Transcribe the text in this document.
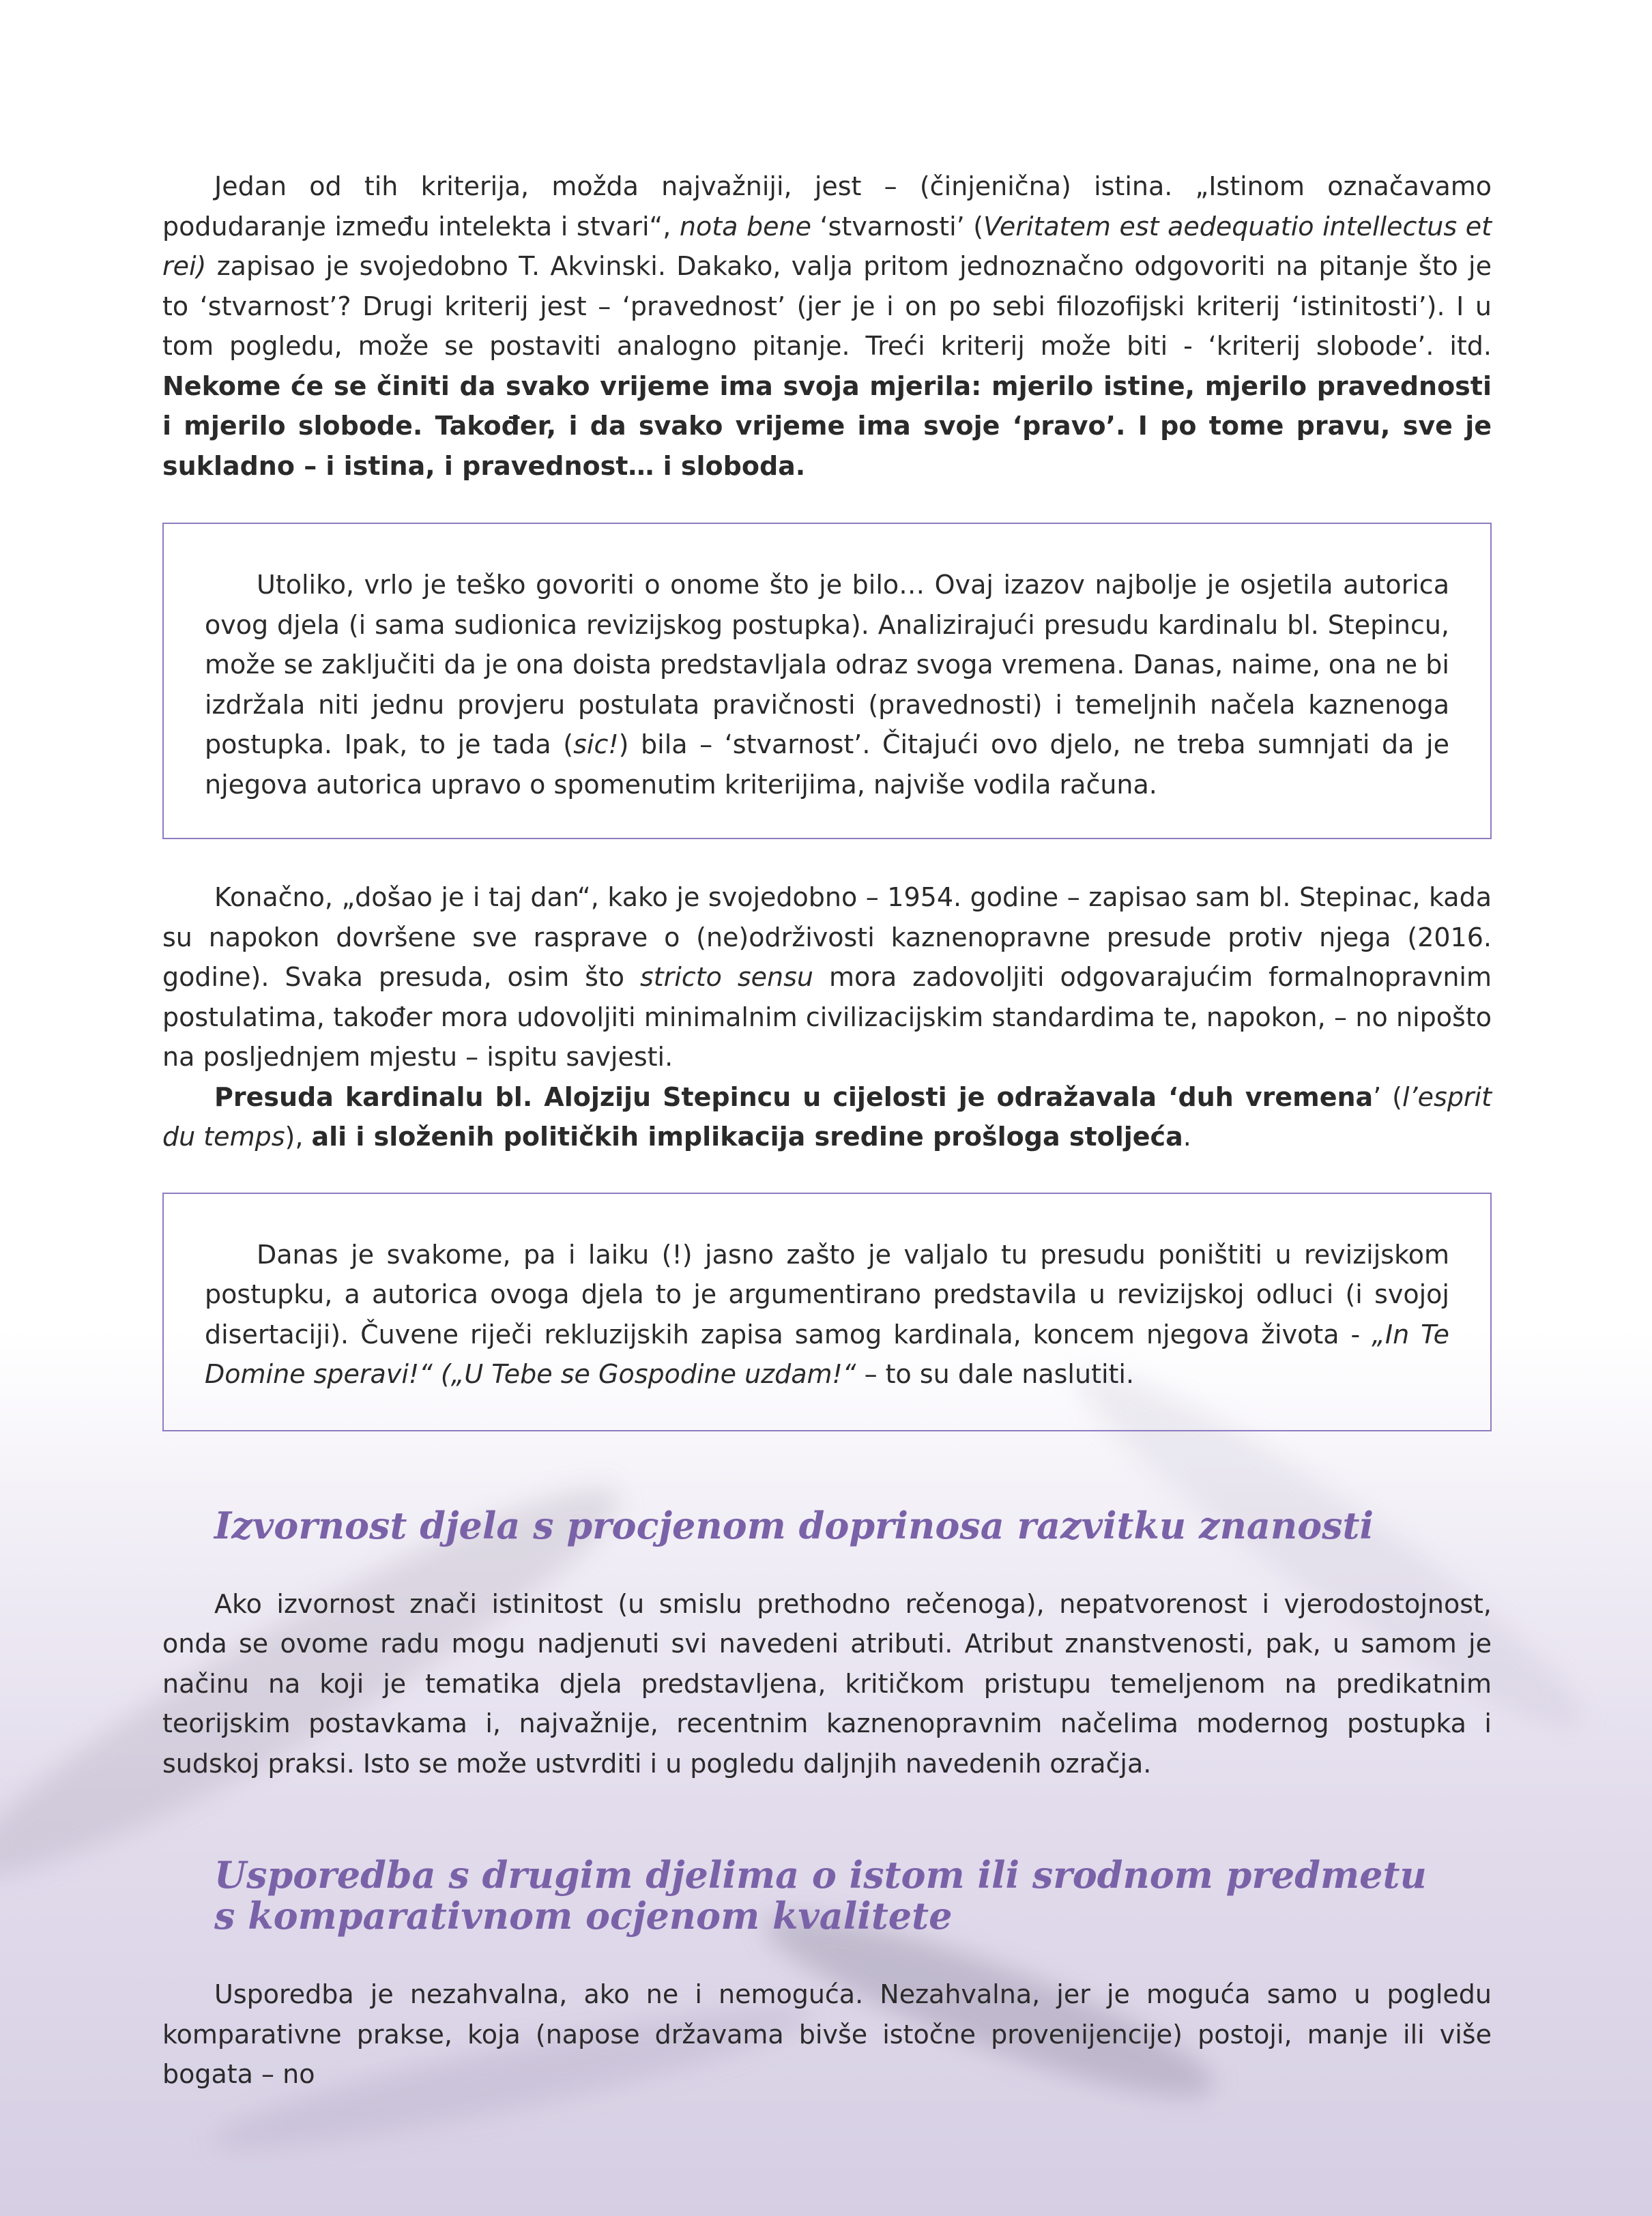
Jedan od tih kriterija, možda najvažniji, jest – (činjenična) istina. „Istinom označavamo podudaranje između intelekta i stvari“, nota bene ‘stvarnosti’ (Veritatem est aedequatio intellectus et rei) zapisao je svojedobno T. Akvinski. Dakako, valja pritom jednoznačno odgovoriti na pitanje što je to ‘stvarnost’? Drugi kriterij jest – ‘pravednost’ (jer je i on po sebi filozofijski kriterij ‘istinitosti’). I u tom pogledu, može se postaviti analogno pitanje. Treći kriterij može biti - ‘kriterij slobode’. itd. Nekome će se činiti da svako vrijeme ima svoja mjerila: mjerilo istine, mjerilo pravednosti i mjerilo slobode. Također, i da svako vrijeme ima svoje ‘pravo’. I po tome pravu, sve je sukladno – i istina, i pravednost… i sloboda.

Utoliko, vrlo je teško govoriti o onome što je bilo… Ovaj izazov najbolje je osjetila autorica ovog djela (i sama sudionica revizijskog postupka). Analizirajući presudu kardinalu bl. Stepincu, može se zaključiti da je ona doista predstavljala odraz svoga vremena. Danas, naime, ona ne bi izdržala niti jednu provjeru postulata pravičnosti (pravednosti) i temeljnih načela kaznenoga postupka. Ipak, to je tada (sic!) bila – ‘stvarnost’. Čitajući ovo djelo, ne treba sumnjati da je njegova autorica upravo o spomenutim kriterijima, najviše vodila računa.

Konačno, „došao je i taj dan“, kako je svojedobno – 1954. godine – zapisao sam bl. Stepinac, kada su napokon dovršene sve rasprave o (ne)održivosti kaznenopravne presude protiv njega (2016. godine). Svaka presuda, osim što stricto sensu mora zadovoljiti odgovarajućim formalnopravnim postulatima, također mora udovoljiti minimalnim civilizacijskim standardima te, napokon, – no nipošto na posljednjem mjestu – ispitu savjesti.

Presuda kardinalu bl. Alojziju Stepincu u cijelosti je odražavala ‘duh vremena’ (l’esprit du temps), ali i složenih političkih implikacija sredine prošloga stoljeća.

Danas je svakome, pa i laiku (!) jasno zašto je valjalo tu presudu poništiti u revizijskom postupku, a autorica ovoga djela to je argumentirano predstavila u revizijskoj odluci (i svojoj disertaciji). Čuvene riječi rekluzijskih zapisa samog kardinala, koncem njegova života - „In Te Domine speravi!“ („U Tebe se Gospodine uzdam!“ – to su dale naslutiti.

Izvornost djela s procjenom doprinosa razvitku znanosti

Ako izvornost znači istinitost (u smislu prethodno rečenoga), nepatvorenost i vjerodostojnost, onda se ovome radu mogu nadjenuti svi navedeni atributi. Atribut znanstvenosti, pak, u samom je načinu na koji je tematika djela predstavljena, kritičkom pristupu temeljenom na predikatnim teorijskim postavkama i, najvažnije, recentnim kaznenopravnim načelima modernog postupka i sudskoj praksi. Isto se može ustvrditi i u pogledu daljnjih navedenih ozračja.

Usporedba s drugim djelima o istom ili srodnom predmetu
s komparativnom ocjenom kvalitete

Usporedba je nezahvalna, ako ne i nemoguća. Nezahvalna, jer je moguća samo u pogledu komparativne prakse, koja (napose državama bivše istočne provenijencije) postoji, manje ili više bogata – no
